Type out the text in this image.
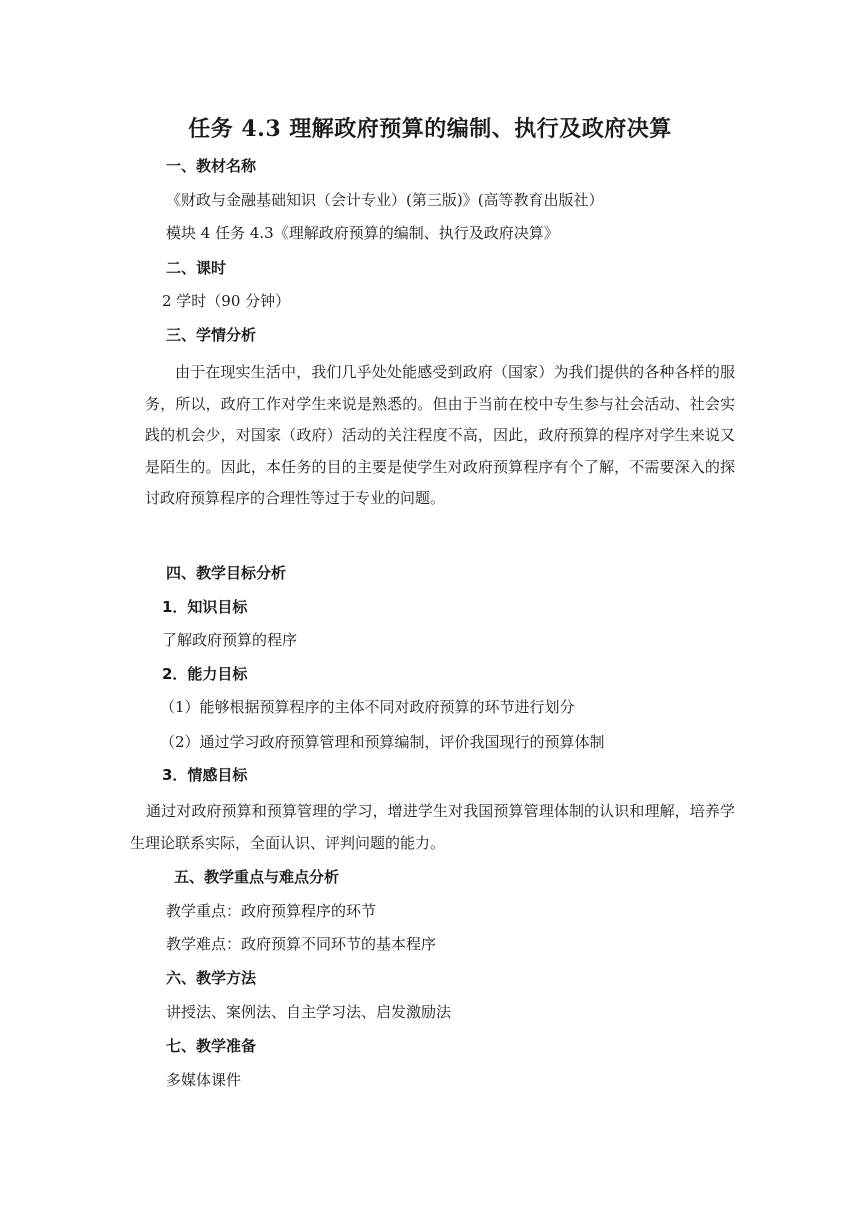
任务 4.3 理解政府预算的编制、执行及政府决算

一、教材名称

《财政与金融基础知识（会计专业）(第三版)》(高等教育出版社）

模块 4 任务 4.3《理解政府预算的编制、执行及政府决算》

二、课时

2 学时（90 分钟）

三、学情分析

由于在现实生活中，我们几乎处处能感受到政府（国家）为我们提供的各种各样的服务，所以，政府工作对学生来说是熟悉的。但由于当前在校中专生参与社会活动、社会实践的机会少，对国家（政府）活动的关注程度不高，因此，政府预算的程序对学生来说又是陌生的。因此，本任务的目的主要是使学生对政府预算程序有个了解，不需要深入的探讨政府预算程序的合理性等过于专业的问题。

四、教学目标分析

1．知识目标

了解政府预算的程序

2．能力目标

（1）能够根据预算程序的主体不同对政府预算的环节进行划分

（2）通过学习政府预算管理和预算编制，评价我国现行的预算体制

3．情感目标

通过对政府预算和预算管理的学习，增进学生对我国预算管理体制的认识和理解，培养学生理论联系实际，全面认识、评判问题的能力。

五、教学重点与难点分析

教学重点：政府预算程序的环节

教学难点：政府预算不同环节的基本程序

六、教学方法

讲授法、案例法、自主学习法、启发激励法

七、教学准备

多媒体课件
